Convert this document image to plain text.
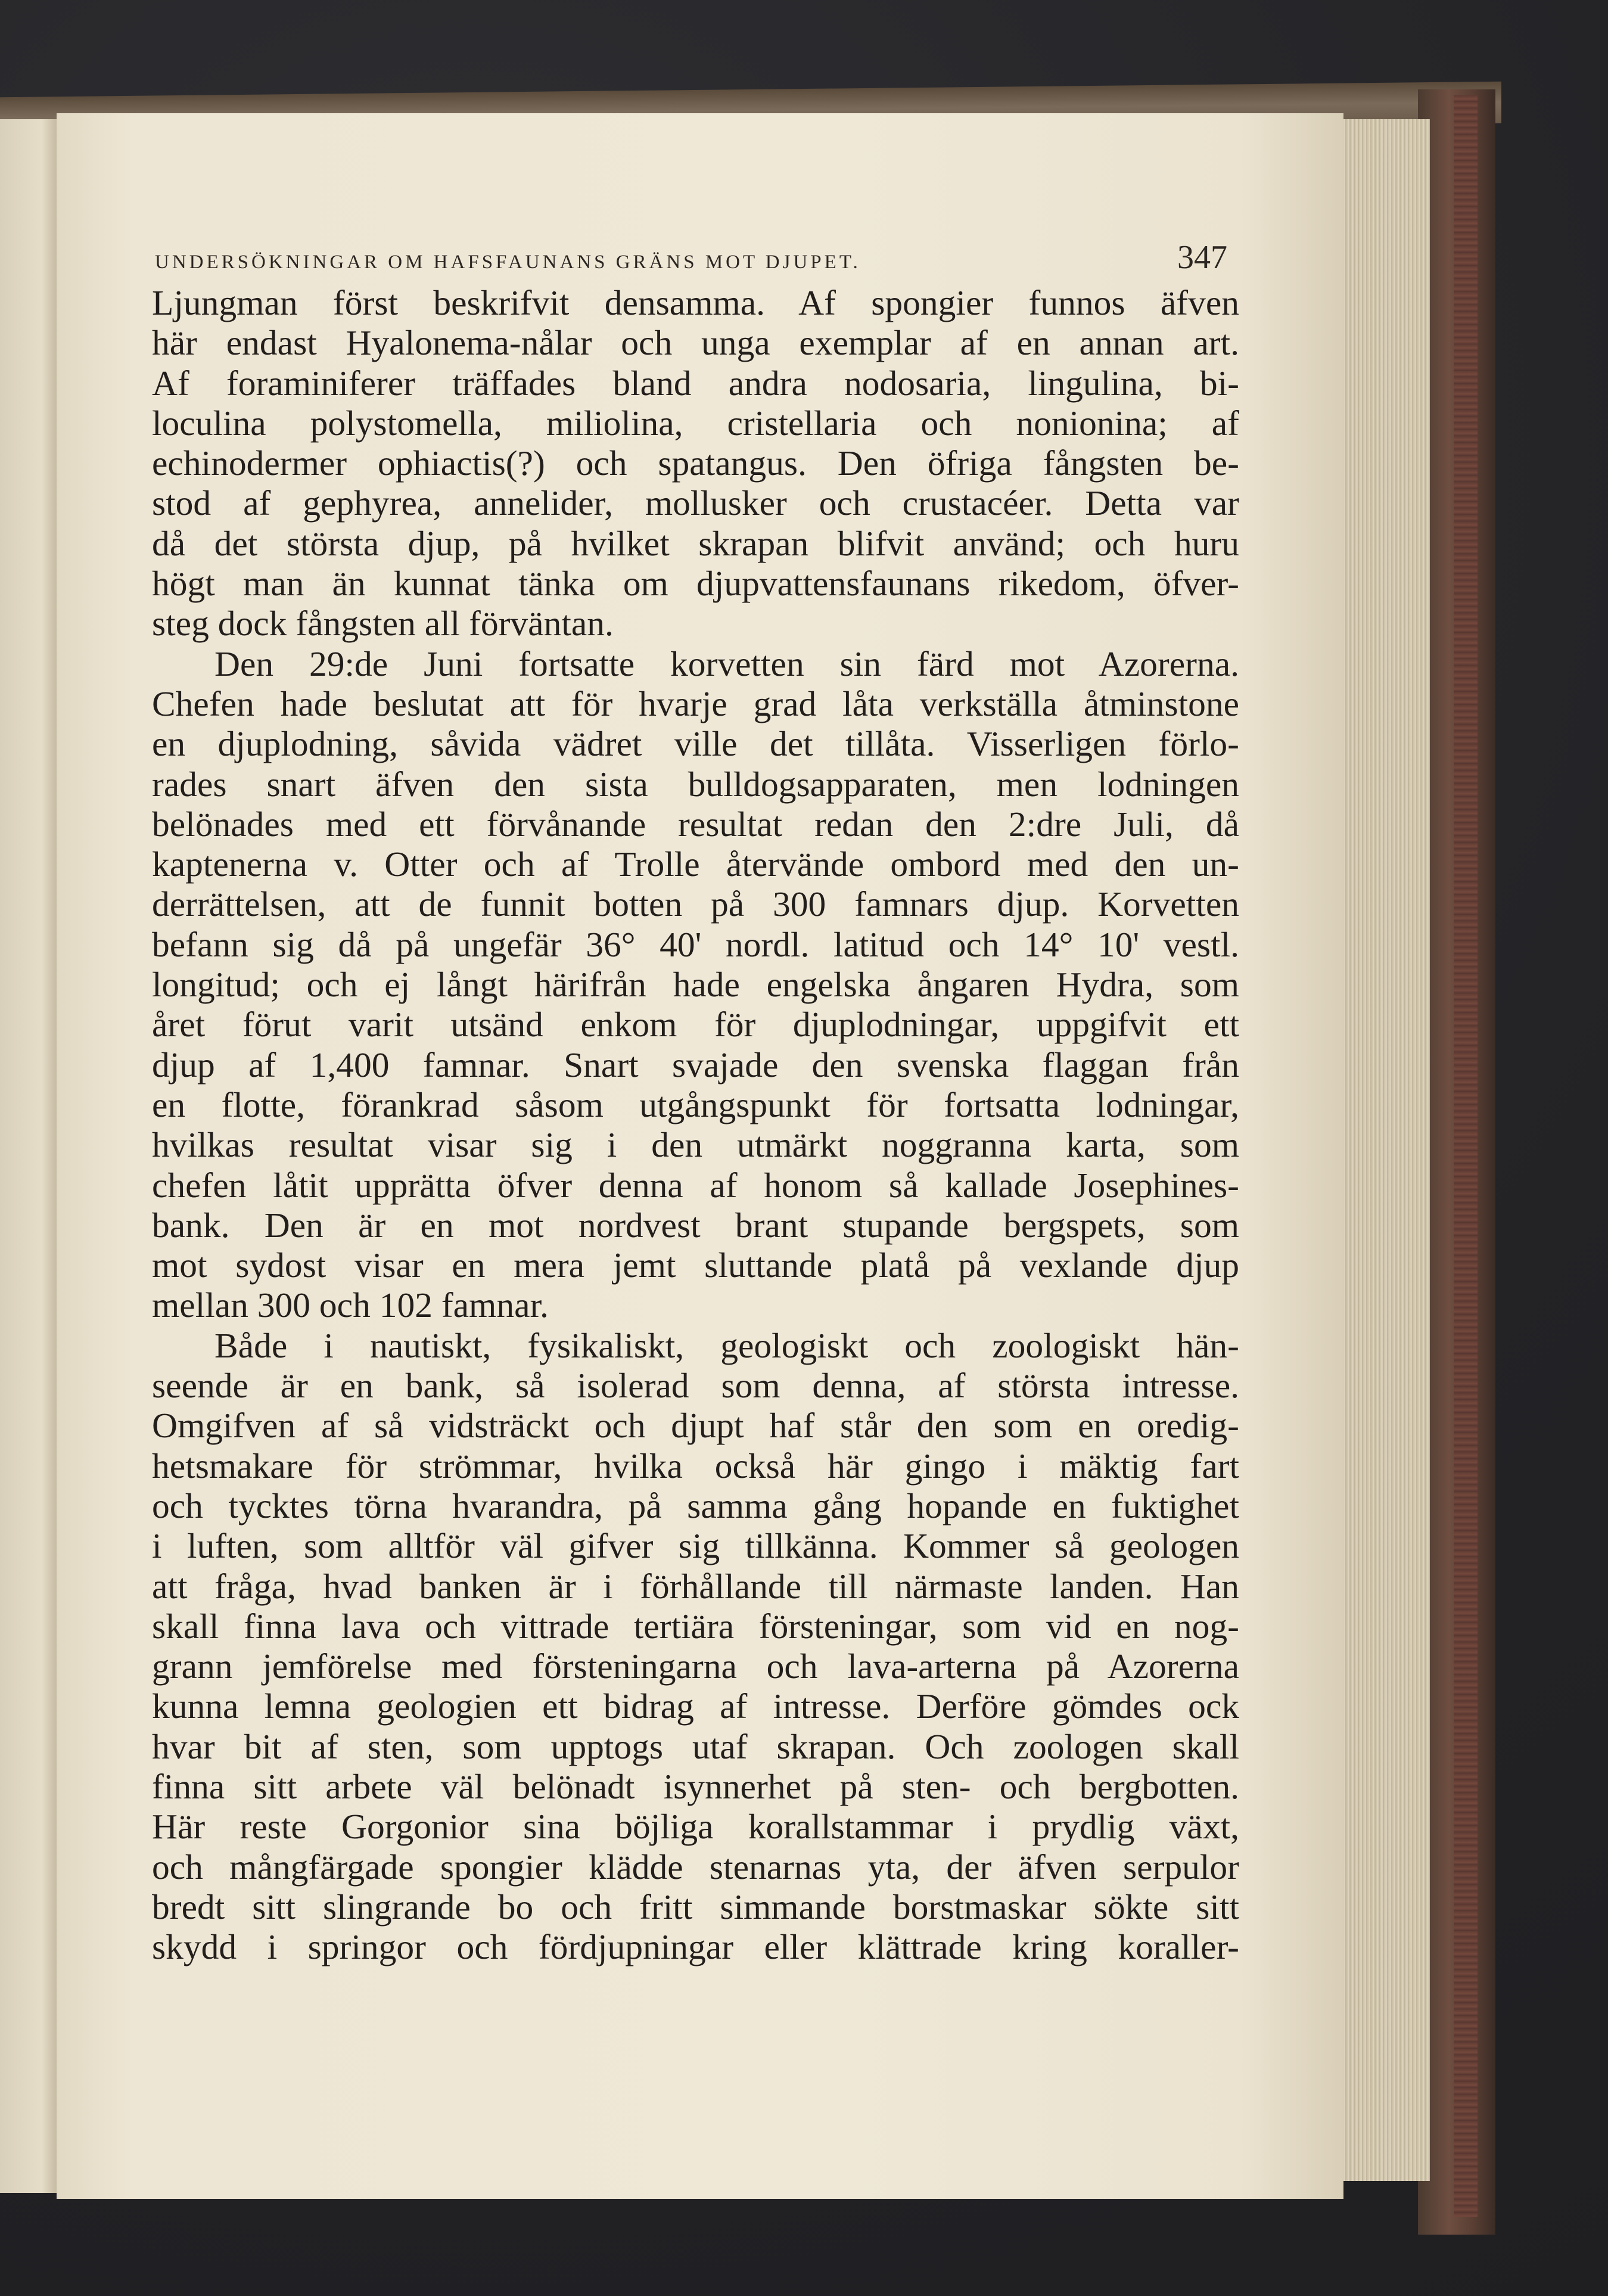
UNDERSÖKNINGAR OM HAFSFAUNANS GRÄNS MOT DJUPET.	347
Ljungman först beskrifvit densamma. Af spongier funnos äfven
här endast Hyalonema-nålar och unga exemplar af en annan art.
Af foraminiferer träffades bland andra nodosaria, lingulina, bi-
loculina polystomella, miliolina, cristellaria och nonionina; af
echinodermer ophiactis(?) och spatangus. Den öfriga fångsten be-
stod af gephyrea, annelider, mollusker och crustacéer. Detta var
då det största djup, på hvilket skrapan blifvit använd; och huru
högt man än kunnat tänka om djupvattensfaunans rikedom, öfver-
steg dock fångsten all förväntan.
Den 29:de Juni fortsatte korvetten sin färd mot Azorerna.
Chefen hade beslutat att för hvarje grad låta verkställa åtminstone
en djuplodning, såvida vädret ville det tillåta. Visserligen förlo-
rades snart äfven den sista bulldogsapparaten, men lodningen
belönades med ett förvånande resultat redan den 2:dre Juli, då
kaptenerna v. Otter och af Trolle återvände ombord med den un-
derrättelsen, att de funnit botten på 300 famnars djup. Korvetten
befann sig då på ungefär 36° 40' nordl. latitud och 14° 10' vestl.
longitud; och ej långt härifrån hade engelska ångaren Hydra, som
året förut varit utsänd enkom för djuplodningar, uppgifvit ett
djup af 1,400 famnar. Snart svajade den svenska flaggan från
en flotte, förankrad såsom utgångspunkt för fortsatta lodningar,
hvilkas resultat visar sig i den utmärkt noggranna karta, som
chefen låtit upprätta öfver denna af honom så kallade Josephines-
bank. Den är en mot nordvest brant stupande bergspets, som
mot sydost visar en mera jemt sluttande platå på vexlande djup
mellan 300 och 102 famnar.
Både i nautiskt, fysikaliskt, geologiskt och zoologiskt hän-
seende är en bank, så isolerad som denna, af största intresse.
Omgifven af så vidsträckt och djupt haf står den som en oredig-
hetsmakare för strömmar, hvilka också här gingo i mäktig fart
och tycktes törna hvarandra, på samma gång hopande en fuktighet
i luften, som alltför väl gifver sig tillkänna. Kommer så geologen
att fråga, hvad banken är i förhållande till närmaste landen. Han
skall finna lava och vittrade tertiära försteningar, som vid en nog-
grann jemförelse med försteningarna och lava-arterna på Azorerna
kunna lemna geologien ett bidrag af intresse. Derföre gömdes ock
hvar bit af sten, som upptogs utaf skrapan. Och zoologen skall
finna sitt arbete väl belönadt isynnerhet på sten- och bergbotten.
Här reste Gorgonior sina böjliga korallstammar i prydlig växt,
och mångfärgade spongier klädde stenarnas yta, der äfven serpulor
bredt sitt slingrande bo och fritt simmande borstmaskar sökte sitt
skydd i springor och fördjupningar eller klättrade kring koraller-
